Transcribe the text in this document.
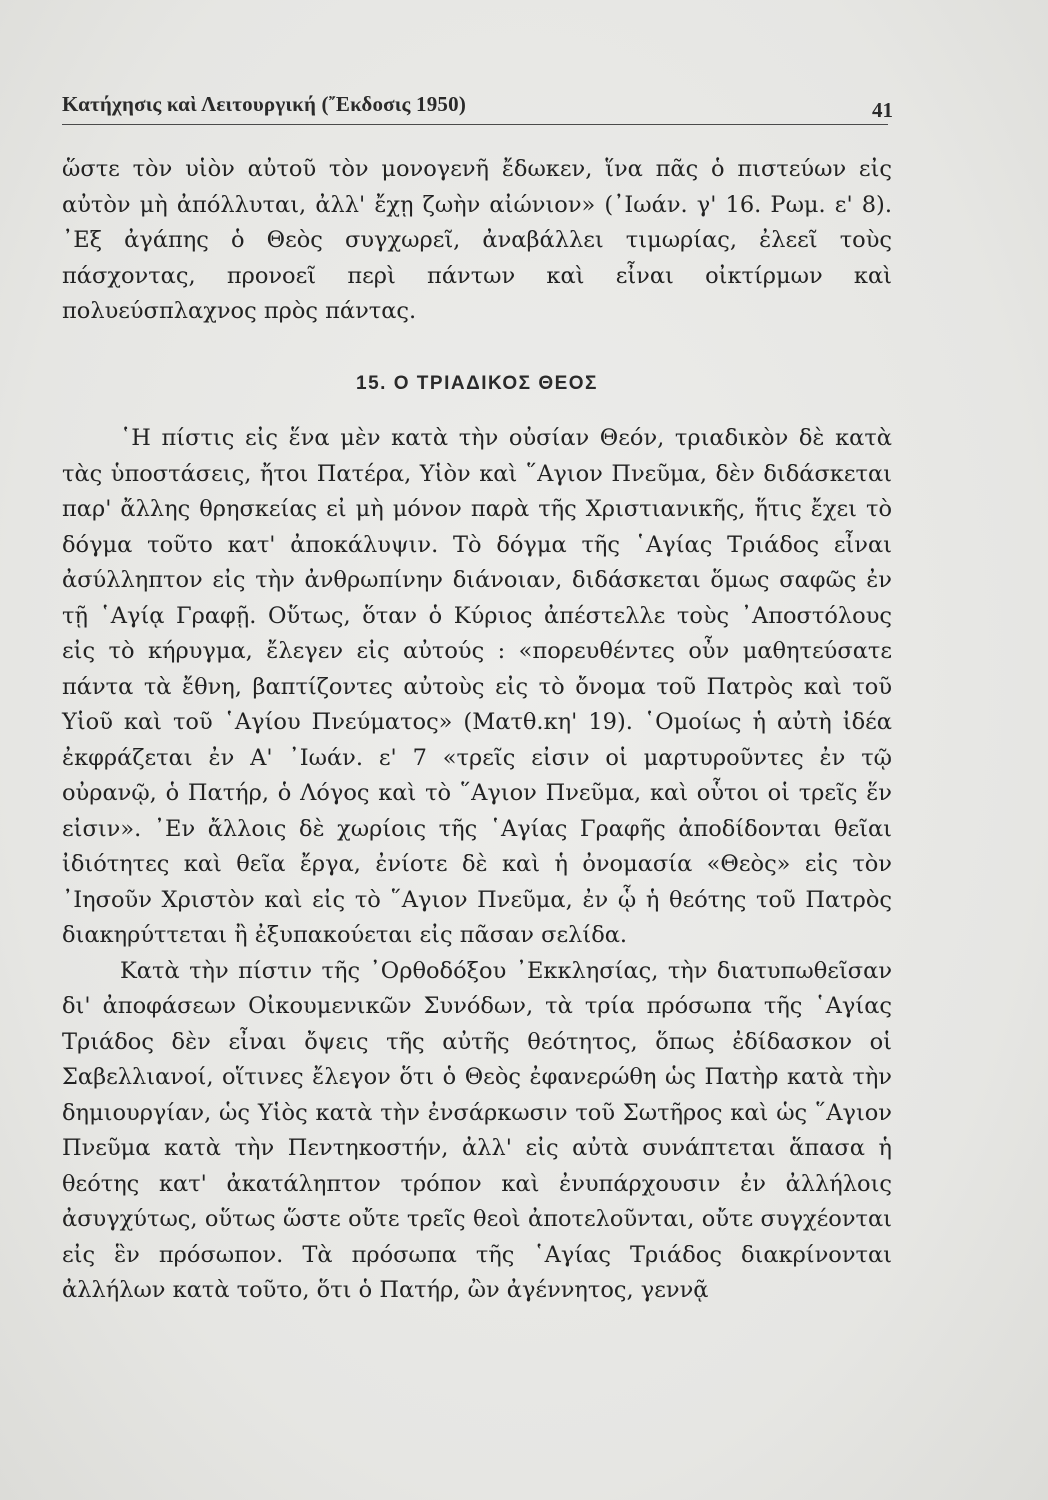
Κατήχησις καὶ Λειτουργική (῎Εκδοσις 1950)	41

ὥστε τὸν υἱὸν αὐτοῦ τὸν μονογενῆ ἔδωκεν, ἵνα πᾶς ὁ πιστεύων εἰς αὐτὸν μὴ ἀπόλλυται, ἀλλ' ἔχῃ ζωὴν αἰώνιον» (᾽Ιωάν. γ' 16. Ρωμ. ε' 8). ᾽Εξ ἀγάπης ὁ Θεὸς συγχωρεῖ, ἀναβάλλει τιμωρίας, ἐλεεῖ τοὺς πάσχοντας, προνοεῖ περὶ πάντων καὶ εἶναι οἰκτίρμων καὶ πολυεύσπλαχνος πρὸς πάντας.

15. Ο ΤΡΙΑΔΙΚΟΣ ΘΕΟΣ

῾Η πίστις εἰς ἕνα μὲν κατὰ τὴν οὐσίαν Θεόν, τριαδικὸν δὲ κατὰ τὰς ὑποστάσεις, ἤτοι Πατέρα, Υἱὸν καὶ ῞Αγιον Πνεῦμα, δὲν διδάσκεται παρ' ἄλλης θρησκείας εἰ μὴ μόνον παρὰ τῆς Χριστιανικῆς, ἥτις ἔχει τὸ δόγμα τοῦτο κατ' ἀποκάλυψιν. Τὸ δόγμα τῆς ῾Αγίας Τριάδος εἶναι ἀσύλληπτον εἰς τὴν ἀνθρωπίνην διάνοιαν, διδάσκεται ὅμως σαφῶς ἐν τῇ ῾Αγίᾳ Γραφῇ. Οὕτως, ὅταν ὁ Κύριος ἀπέστελλε τοὺς ᾽Αποστόλους εἰς τὸ κήρυγμα, ἔλεγεν εἰς αὐτούς : «πορευθέντες οὖν μαθητεύσατε πάντα τὰ ἔθνη, βαπτίζοντες αὐτοὺς εἰς τὸ ὄνομα τοῦ Πατρὸς καὶ τοῦ Υἱοῦ καὶ τοῦ ῾Αγίου Πνεύματος» (Ματθ.κη' 19). ῾Ομοίως ἡ αὐτὴ ἰδέα ἐκφράζεται ἐν Α' ᾽Ιωάν. ε' 7 «τρεῖς εἰσιν οἱ μαρτυροῦντες ἐν τῷ οὐρανῷ, ὁ Πατήρ, ὁ Λόγος καὶ τὸ ῞Αγιον Πνεῦμα, καὶ οὗτοι οἱ τρεῖς ἕν εἰσιν». ᾽Εν ἄλλοις δὲ χωρίοις τῆς ῾Αγίας Γραφῆς ἀποδίδονται θεῖαι ἰδιότητες καὶ θεῖα ἔργα, ἐνίοτε δὲ καὶ ἡ ὀνομασία «Θεὸς» εἰς τὸν ᾽Ιησοῦν Χριστὸν καὶ εἰς τὸ ῞Αγιον Πνεῦμα, ἐν ᾧ ἡ θεότης τοῦ Πατρὸς διακηρύττεται ἢ ἐξυπακούεται εἰς πᾶσαν σελίδα.

Κατὰ τὴν πίστιν τῆς ᾽Ορθοδόξου ᾽Εκκλησίας, τὴν διατυπωθεῖσαν δι' ἀποφάσεων Οἰκουμενικῶν Συνόδων, τὰ τρία πρόσωπα τῆς ῾Αγίας Τριάδος δὲν εἶναι ὄψεις τῆς αὐτῆς θεότητος, ὅπως ἐδίδασκον οἱ Σαβελλιανοί, οἵτινες ἔλεγον ὅτι ὁ Θεὸς ἐφανερώθη ὡς Πατὴρ κατὰ τὴν δημιουργίαν, ὡς Υἱὸς κατὰ τὴν ἐνσάρκωσιν τοῦ Σωτῆρος καὶ ὡς ῞Αγιον Πνεῦμα κατὰ τὴν Πεντηκοστήν, ἀλλ' εἰς αὐτὰ συνάπτεται ἅπασα ἡ θεότης κατ' ἀκατάληπτον τρόπον καὶ ἐνυπάρχουσιν ἐν ἀλλήλοις ἀσυγχύτως, οὕτως ὥστε οὔτε τρεῖς θεοὶ ἀποτελοῦνται, οὔτε συγχέονται εἰς ἓν πρόσωπον. Τὰ πρόσωπα τῆς ῾Αγίας Τριάδος διακρίνονται ἀλλήλων κατὰ τοῦτο, ὅτι ὁ Πατήρ, ὢν ἀγέννητος, γεννᾷ
